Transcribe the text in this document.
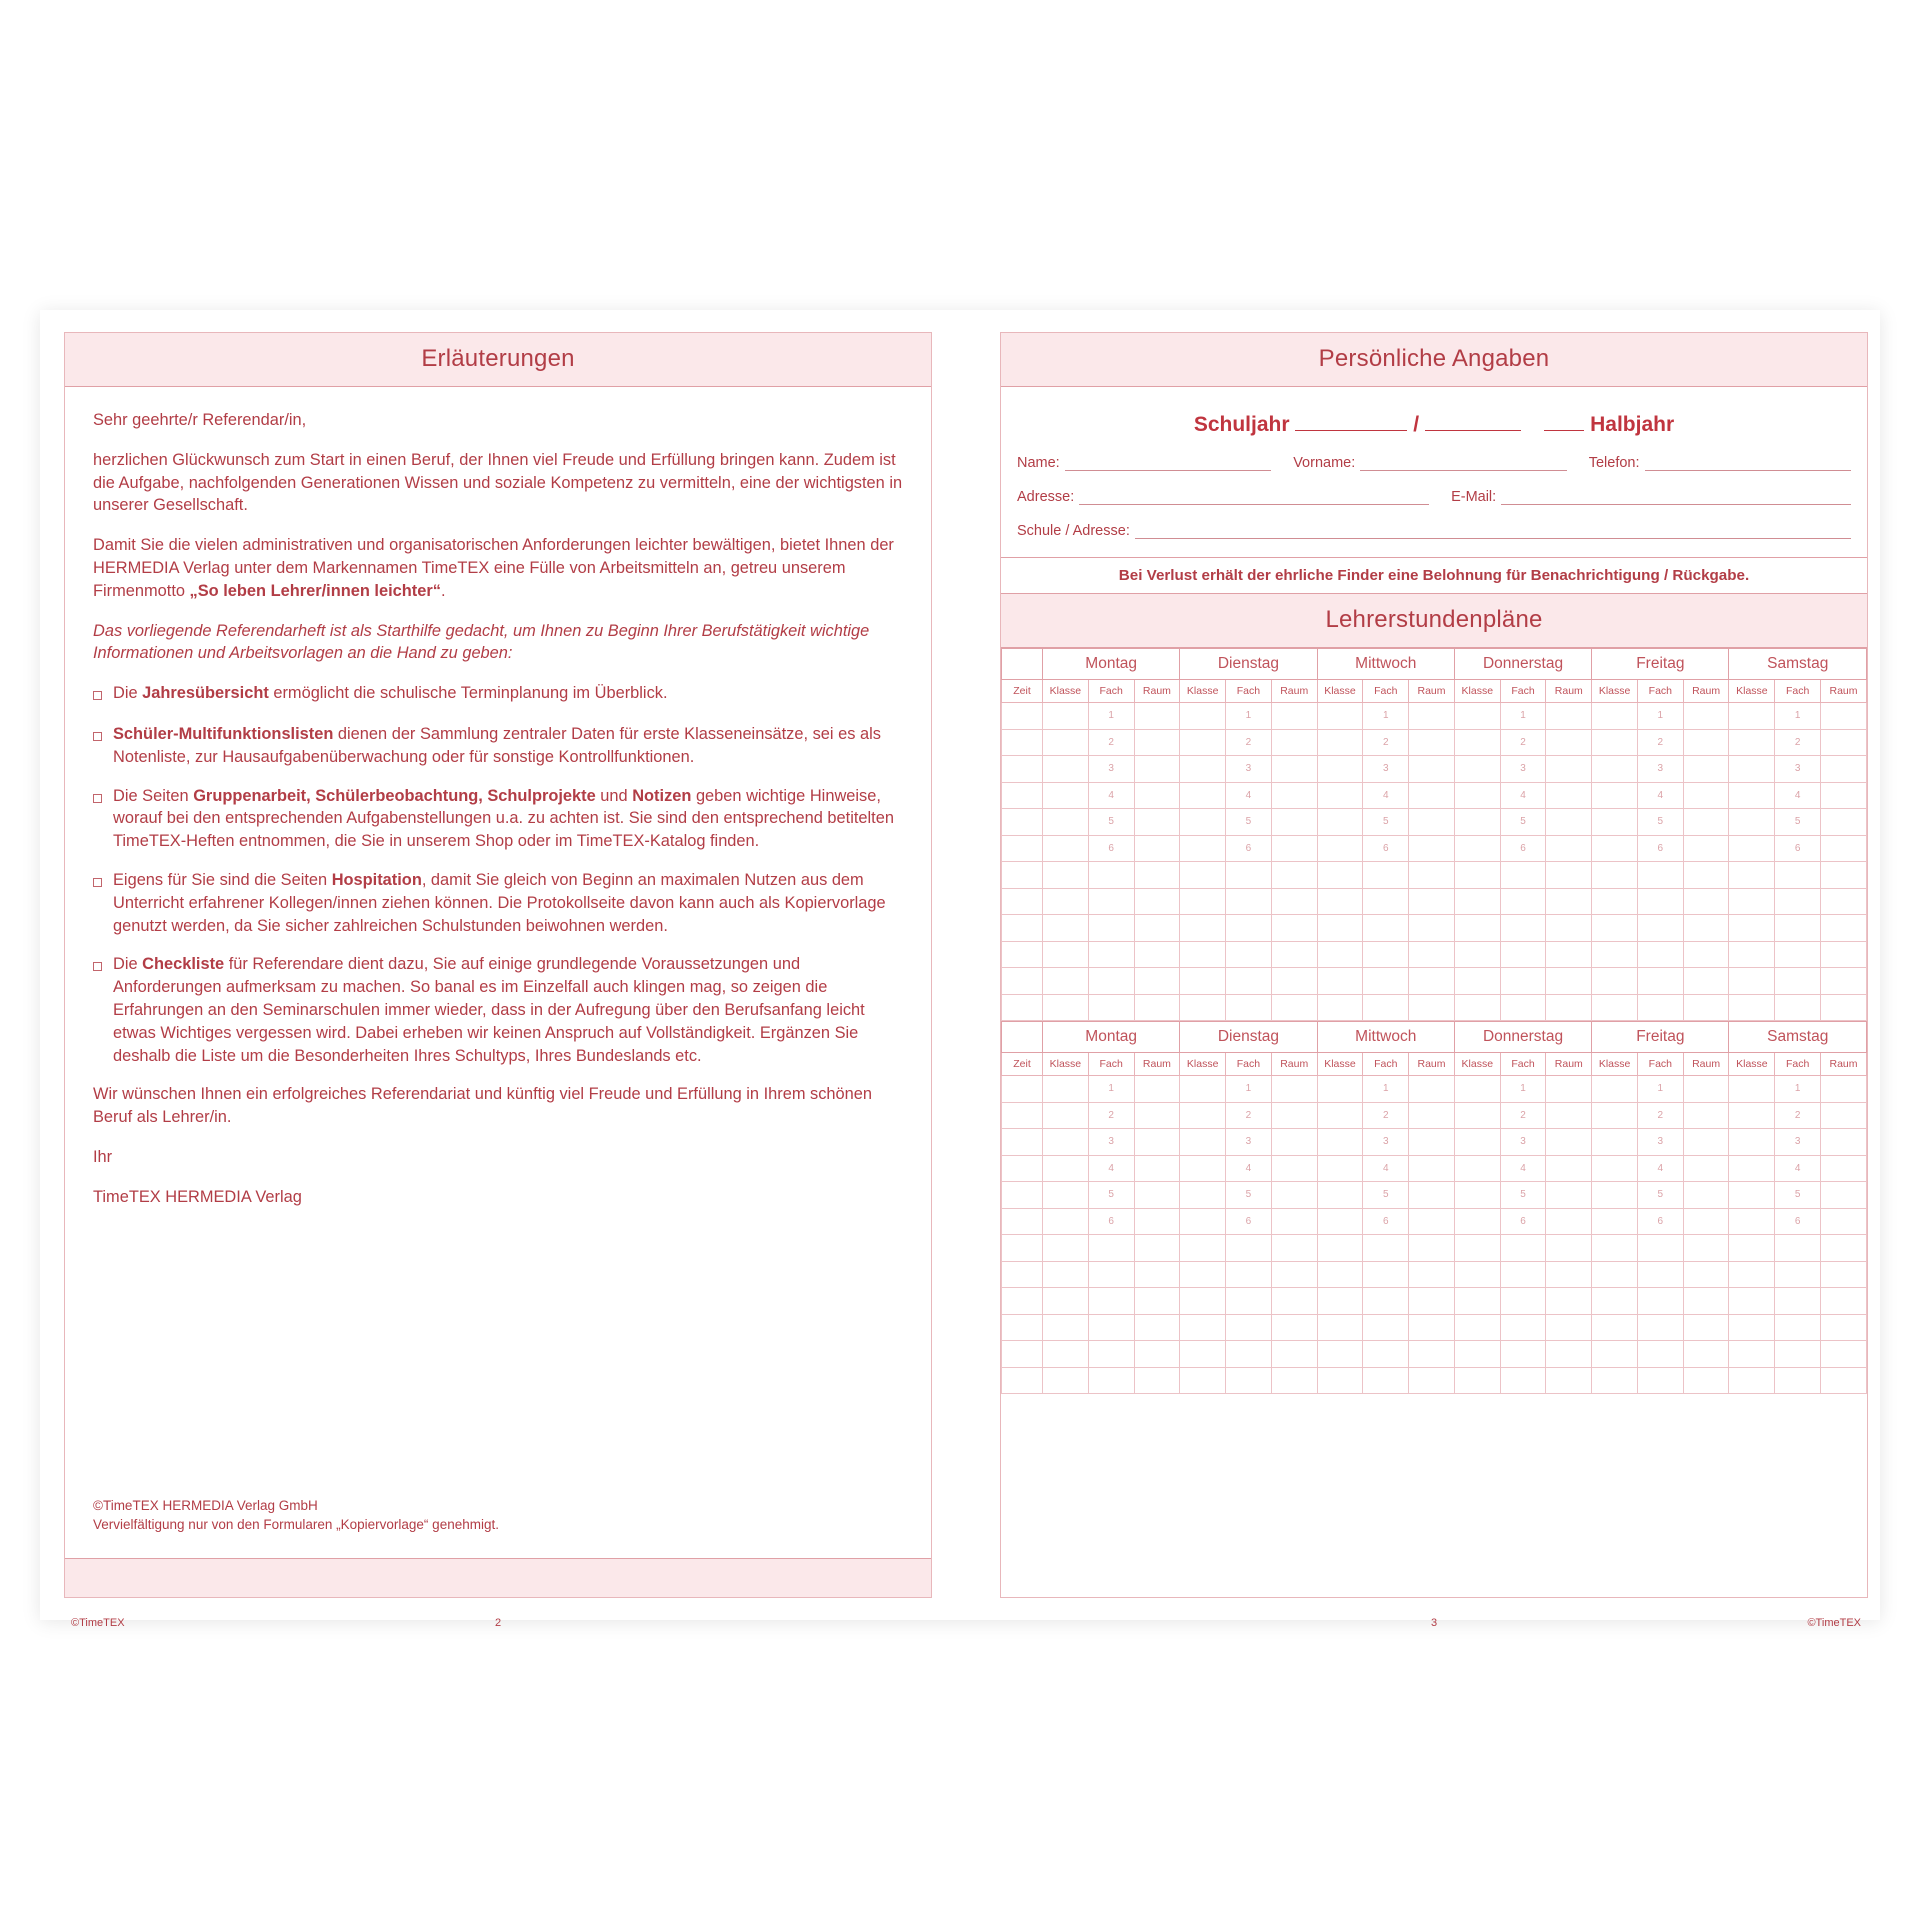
Erläuterungen

Sehr geehrte/r Referendar/in,

herzlichen Glückwunsch zum Start in einen Beruf, der Ihnen viel Freude und Erfüllung bringen kann. Zudem ist die Aufgabe, nachfolgenden Generationen Wissen und soziale Kompetenz zu vermitteln, eine der wichtigsten in unserer Gesellschaft.

Damit Sie die vielen administrativen und organisatorischen Anforderungen leichter bewältigen, bietet Ihnen der HERMEDIA Verlag unter dem Markennamen TimeTEX eine Fülle von Arbeitsmitteln an, getreu unserem Firmenmotto „So leben Lehrer/innen leichter“.

Das vorliegende Referendarheft ist als Starthilfe gedacht, um Ihnen zu Beginn Ihrer Berufstätigkeit wichtige Informationen und Arbeitsvorlagen an die Hand zu geben:

Die Jahresübersicht ermöglicht die schulische Terminplanung im Überblick.
Schüler-Multifunktionslisten dienen der Sammlung zentraler Daten für erste Klasseneinsätze, sei es als Notenliste, zur Hausaufgabenüberwachung oder für sonstige Kontrollfunktionen.
Die Seiten Gruppenarbeit, Schülerbeobachtung, Schulprojekte und Notizen geben wichtige Hinweise, worauf bei den entsprechenden Aufgabenstellungen u.a. zu achten ist. Sie sind den entsprechend betitelten TimeTEX-Heften entnommen, die Sie in unserem Shop oder im TimeTEX-Katalog finden.
Eigens für Sie sind die Seiten Hospitation, damit Sie gleich von Beginn an maximalen Nutzen aus dem Unterricht erfahrener Kollegen/innen ziehen können. Die Protokollseite davon kann auch als Kopiervorlage genutzt werden, da Sie sicher zahlreichen Schulstunden beiwohnen werden.
Die Checkliste für Referendare dient dazu, Sie auf einige grundlegende Voraussetzungen und Anforderungen aufmerksam zu machen. So banal es im Einzelfall auch klingen mag, so zeigen die Erfahrungen an den Seminarschulen immer wieder, dass in der Aufregung über den Berufsanfang leicht etwas Wichtiges vergessen wird. Dabei erheben wir keinen Anspruch auf Vollständigkeit. Ergänzen Sie deshalb die Liste um die Besonderheiten Ihres Schultyps, Ihres Bundeslands etc.

Wir wünschen Ihnen ein erfolgreiches Referendariat und künftig viel Freude und Erfüllung in Ihrem schönen Beruf als Lehrer/in.

Ihr

TimeTEX HERMEDIA Verlag

©TimeTEX HERMEDIA Verlag GmbH
Vervielfältigung nur von den Formularen „Kopiervorlage“ genehmigt.
©TimeTEX	2
Persönliche Angaben
Schuljahr	/	Halbjahr
Name:	Vorname:	Telefon:
Adresse:	E-Mail:
Schule / Adresse:
Bei Verlust erhält der ehrliche Finder eine Belohnung für Benachrichtigung / Rückgabe.
Lehrerstundenpläne
	Montag			Dienstag			Mittwoch			Donnerstag			Freitag			Samstag		
Zeit	Klasse	Fach	Raum	Klasse	Fach	Raum	Klasse	Fach	Raum	Klasse	Fach	Raum	Klasse	Fach	Raum	Klasse	Fach	Raum
		1			1			1			1			1			1	
		2			2			2			2			2			2	
		3			3			3			3			3			3	
		4			4			4			4			4			4	
		5			5			5			5			5			5	
		6			6			6			6			6			6	

	Montag			Dienstag			Mittwoch			Donnerstag			Freitag			Samstag		
Zeit	Klasse	Fach	Raum	Klasse	Fach	Raum	Klasse	Fach	Raum	Klasse	Fach	Raum	Klasse	Fach	Raum	Klasse	Fach	Raum
		1			1			1			1			1			1	
		2			2			2			2			2			2	
		3			3			3			3			3			3	
		4			4			4			4			4			4	
		5			5			5			5			5			5	
		6			6			6			6			6			6	

3	©TimeTEX
